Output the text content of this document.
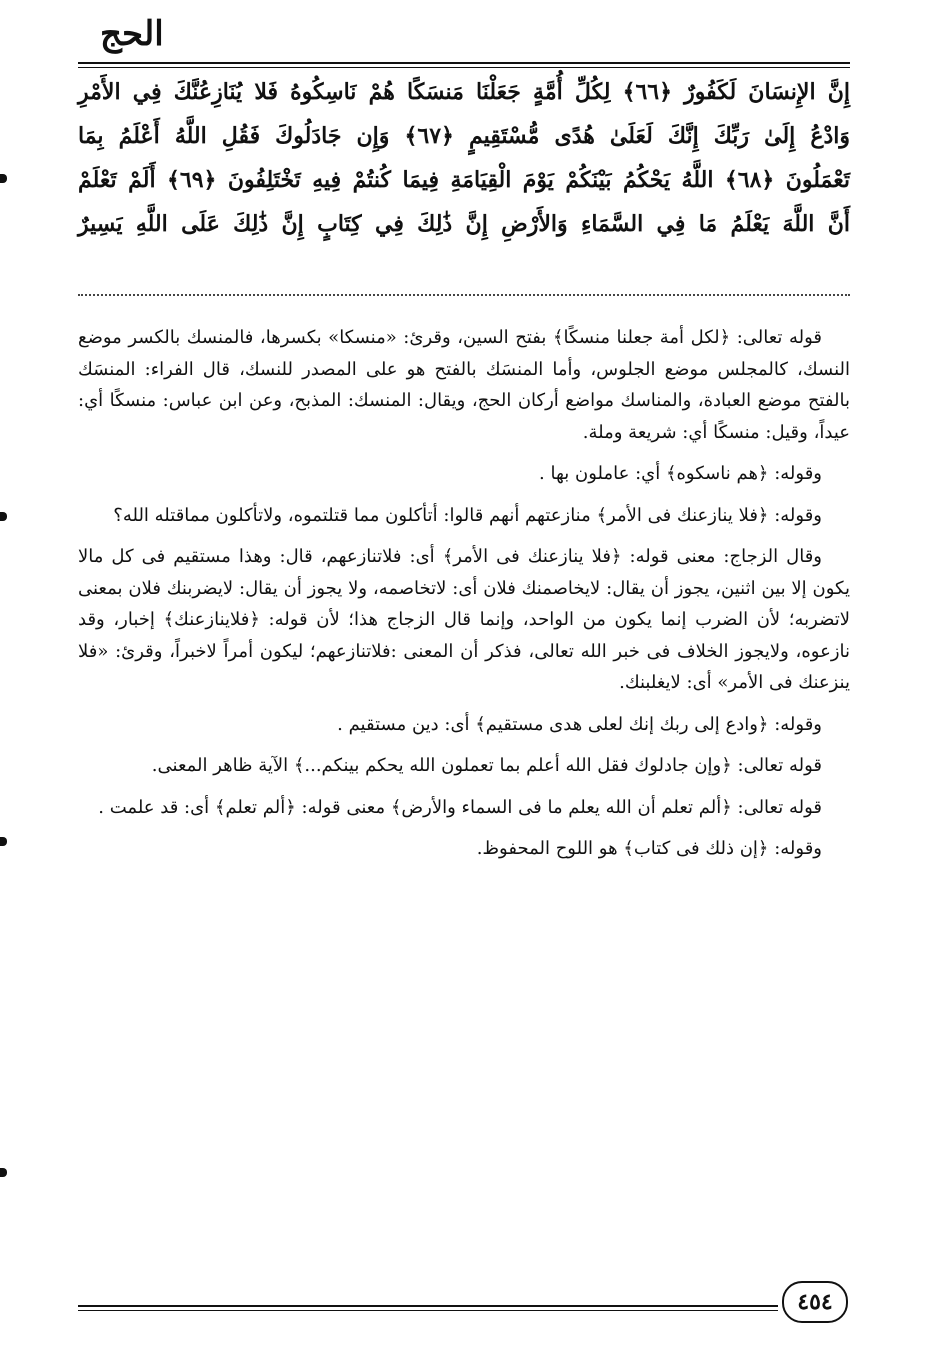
الحج
إِنَّ الإِنسَانَ لَكَفُورٌ ﴿٦٦﴾ لِكُلِّ أُمَّةٍ جَعَلْنَا مَنسَكًا هُمْ نَاسِكُوهُ فَلا يُنَازِعُنَّكَ فِي الأَمْرِ
وَادْعُ إِلَىٰ رَبِّكَ إِنَّكَ لَعَلَىٰ هُدًى مُّسْتَقِيمٍ ﴿٦٧﴾ وَإِن جَادَلُوكَ فَقُلِ اللَّهُ أَعْلَمُ بِمَا
تَعْمَلُونَ ﴿٦٨﴾ اللَّهُ يَحْكُمُ بَيْنَكُمْ يَوْمَ الْقِيَامَةِ فِيمَا كُنتُمْ فِيهِ تَخْتَلِفُونَ ﴿٦٩﴾ أَلَمْ تَعْلَمْ
أَنَّ اللَّهَ يَعْلَمُ مَا فِي السَّمَاءِ وَالأَرْضِ إِنَّ ذَٰلِكَ فِي كِتَابٍ إِنَّ ذَٰلِكَ عَلَى اللَّهِ يَسِيرٌ

قوله تعالى: ﴿لكل أمة جعلنا منسكًا﴾ بفتح السين، وقرئ: «منسكا» بكسرها، فالمنسك بالكسر موضع النسك، كالمجلس موضع الجلوس، وأما المنسَك بالفتح هو على المصدر للنسك، قال الفراء: المنسَك بالفتح موضع العبادة، والمناسك مواضع أركان الحج، ويقال: المنسك: المذبح، وعن ابن عباس: منسكًا أي: عيداً، وقيل: منسكًا أي: شريعة وملة.

وقوله: ﴿هم ناسكوه﴾ أي: عاملون بها .

وقوله: ﴿فلا ينازعنك فى الأمر﴾ منازعتهم أنهم قالوا: أتأكلون مما قتلتموه، ولاتأكلون مماقتله الله؟

وقال الزجاج: معنى قوله: ﴿فلا ينازعنك فى الأمر﴾ أى: فلاتنازعهم، قال: وهذا مستقيم فى كل مالا يكون إلا بين اثنين، يجوز أن يقال: لايخاصمنك فلان أى: لاتخاصمه، ولا يجوز أن يقال: لايضربنك فلان بمعنى لاتضربه؛ لأن الضرب إنما يكون من الواحد، وإنما قال الزجاج هذا؛ لأن قوله: ﴿فلاينازعنك﴾ إخبار، وقد نازعوه، ولايجوز الخلاف فى خبر الله تعالى، فذكر أن المعنى :فلاتنازعهم؛ ليكون أمراً لاخبراً، وقرئ: «فلا ينزعنك فى الأمر» أى: لايغلبنك.

وقوله: ﴿وادع إلى ربك إنك لعلى هدى مستقيم﴾ أى: دين مستقيم .

قوله تعالى: ﴿وإن جادلوك فقل الله أعلم بما تعملون الله يحكم بينكم...﴾ الآية ظاهر المعنى.

قوله تعالى: ﴿ألم تعلم أن الله يعلم ما فى السماء والأرض﴾ معنى قوله: ﴿ألم تعلم﴾ أى: قد علمت .

وقوله: ﴿إن ذلك فى كتاب﴾ هو اللوح المحفوظ.

٤٥٤
